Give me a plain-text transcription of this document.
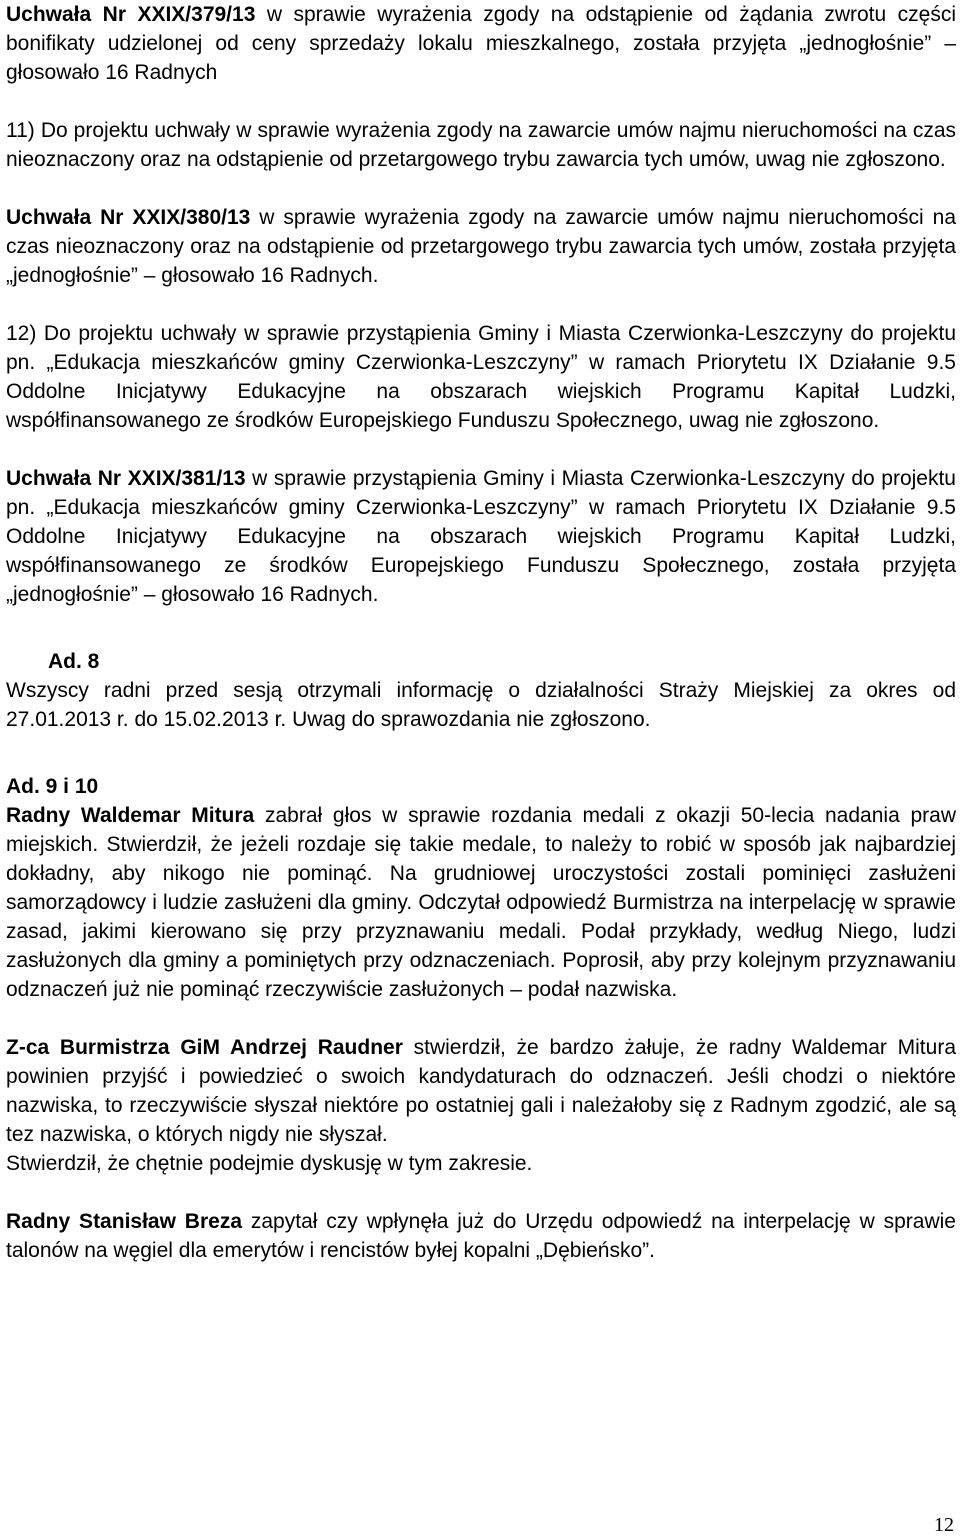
Uchwała Nr XXIX/379/13 w sprawie wyrażenia zgody na odstąpienie od żądania zwrotu części bonifikaty udzielonej od ceny sprzedaży lokalu mieszkalnego, została przyjęta „jednogłośnie” – głosowało 16 Radnych

11) Do projektu uchwały w sprawie wyrażenia zgody na zawarcie umów najmu nieruchomości na czas nieoznaczony oraz na odstąpienie od przetargowego trybu zawarcia tych umów, uwag nie zgłoszono.

Uchwała Nr XXIX/380/13 w sprawie wyrażenia zgody na zawarcie umów najmu nieruchomości na czas nieoznaczony oraz na odstąpienie od przetargowego trybu zawarcia tych umów, została przyjęta „jednogłośnie” – głosowało 16 Radnych.

12) Do projektu uchwały w sprawie przystąpienia Gminy i Miasta Czerwionka-Leszczyny do projektu pn. „Edukacja mieszkańców gminy Czerwionka-Leszczyny” w ramach Priorytetu IX Działanie 9.5 Oddolne Inicjatywy Edukacyjne na obszarach wiejskich Programu Kapitał Ludzki, współfinansowanego ze środków Europejskiego Funduszu Społecznego, uwag nie zgłoszono.

Uchwała Nr XXIX/381/13 w sprawie przystąpienia Gminy i Miasta Czerwionka-Leszczyny do projektu pn. „Edukacja mieszkańców gminy Czerwionka-Leszczyny” w ramach Priorytetu IX Działanie 9.5 Oddolne Inicjatywy Edukacyjne na obszarach wiejskich Programu Kapitał Ludzki, współfinansowanego ze środków Europejskiego Funduszu Społecznego, została przyjęta „jednogłośnie” – głosowało 16 Radnych.

Ad. 8

Wszyscy radni przed sesją otrzymali informację o działalności Straży Miejskiej za okres od 27.01.2013 r. do 15.02.2013 r. Uwag do sprawozdania nie zgłoszono.

Ad. 9 i 10

Radny Waldemar Mitura zabrał głos w sprawie rozdania medali z okazji 50-lecia nadania praw miejskich. Stwierdził, że jeżeli rozdaje się takie medale, to należy to robić w sposób jak najbardziej dokładny, aby nikogo nie pominąć. Na grudniowej uroczystości zostali pominięci zasłużeni samorządowcy i ludzie zasłużeni dla gminy. Odczytał odpowiedź Burmistrza na interpelację w sprawie zasad, jakimi kierowano się przy przyznawaniu medali. Podał przykłady, według Niego, ludzi zasłużonych dla gminy a pominiętych przy odznaczeniach. Poprosił, aby przy kolejnym przyznawaniu odznaczeń już nie pominąć rzeczywiście zasłużonych – podał nazwiska.

Z-ca Burmistrza GiM Andrzej Raudner stwierdził, że bardzo żałuje, że radny Waldemar Mitura powinien przyjść i powiedzieć o swoich kandydaturach do odznaczeń. Jeśli chodzi o niektóre nazwiska, to rzeczywiście słyszał niektóre po ostatniej gali i należałoby się z Radnym zgodzić, ale są tez nazwiska, o których nigdy nie słyszał.

Stwierdził, że chętnie podejmie dyskusję w tym zakresie.

Radny Stanisław Breza zapytał czy wpłynęła już do Urzędu odpowiedź na interpelację w sprawie talonów na węgiel dla emerytów i rencistów byłej kopalni „Dębieńsko”.

12
